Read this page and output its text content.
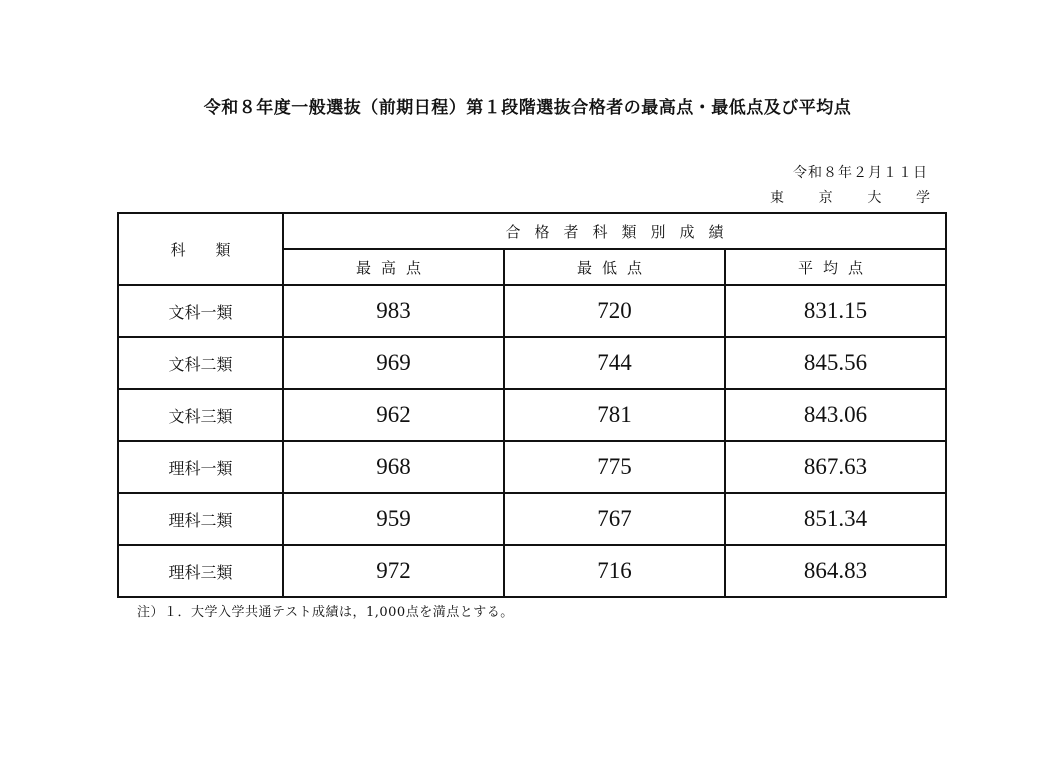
令和８年度一般選抜（前期日程）第１段階選抜合格者の最高点・最低点及び平均点
令和８年２月１１日
東 京 大 学
科類	合格者科類別成績		
	最高点	最低点	平均点
文科一類	983	720	831.15
文科二類	969	744	845.56
文科三類	962	781	843.06
理科一類	968	775	867.63
理科二類	959	767	851.34
理科三類	972	716	864.83
注）１．大学入学共通テスト成績は，1,000点を満点とする。
